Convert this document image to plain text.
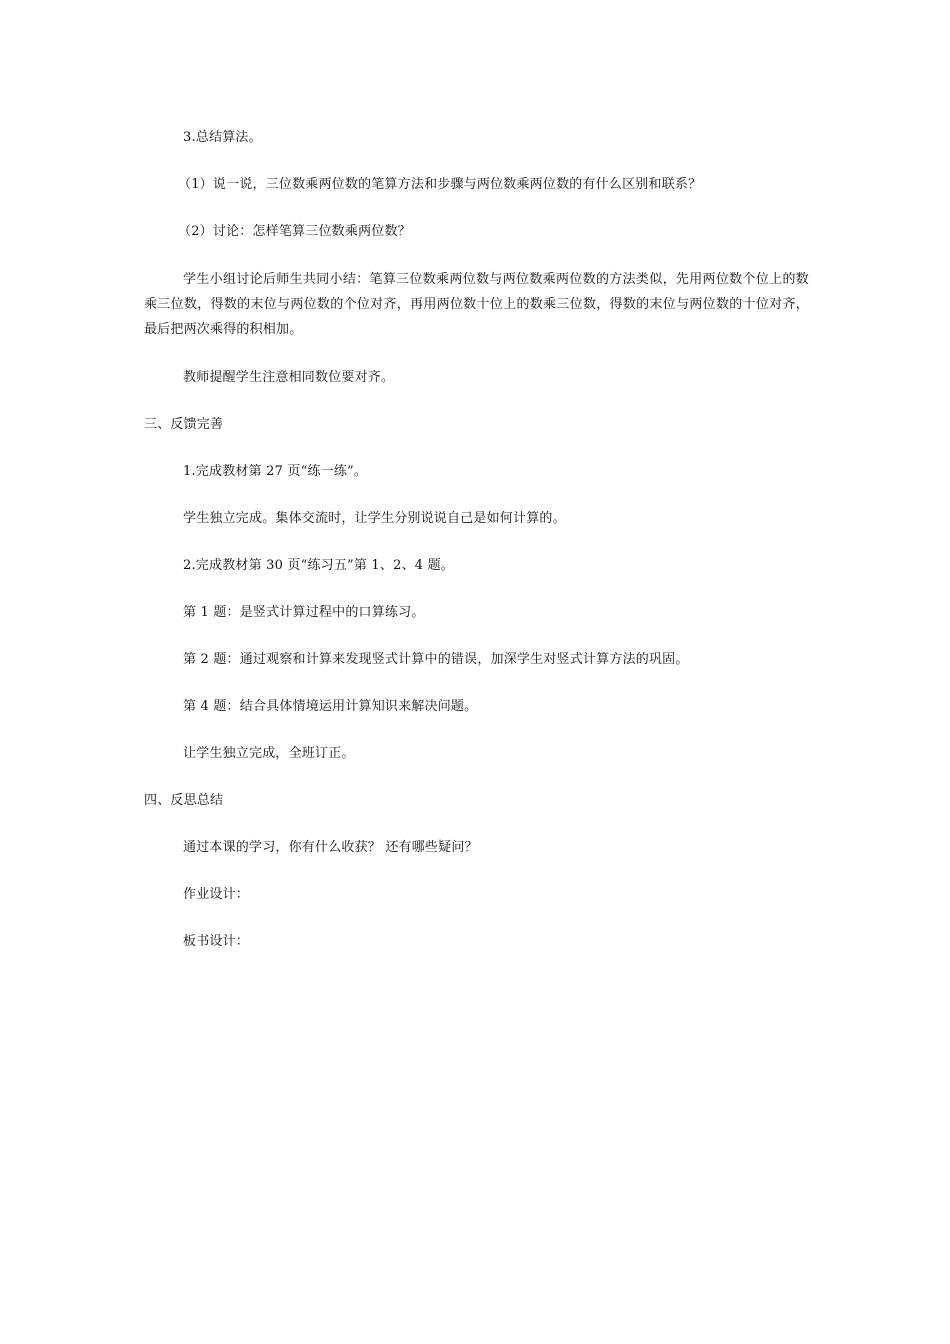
3.总结算法。
（1）说一说，三位数乘两位数的笔算方法和步骤与两位数乘两位数的有什么区别和联系？
（2）讨论：怎样笔算三位数乘两位数？
学生小组讨论后师生共同小结：笔算三位数乘两位数与两位数乘两位数的方法类似，先用两位数个位上的数乘三位数，得数的末位与两位数的个位对齐，再用两位数十位上的数乘三位数，得数的末位与两位数的十位对齐，最后把两次乘得的积相加。
教师提醒学生注意相同数位要对齐。
三、反馈完善
1.完成教材第 27 页“练一练”。
学生独立完成。集体交流时，让学生分别说说自己是如何计算的。
2.完成教材第 30 页“练习五”第 1、2、4 题。
第 1 题：是竖式计算过程中的口算练习。
第 2 题：通过观察和计算来发现竖式计算中的错误，加深学生对竖式计算方法的巩固。
第 4 题：结合具体情境运用计算知识来解决问题。
让学生独立完成，全班订正。
四、反思总结
通过本课的学习，你有什么收获？ 还有哪些疑问？
作业设计：
板书设计：
